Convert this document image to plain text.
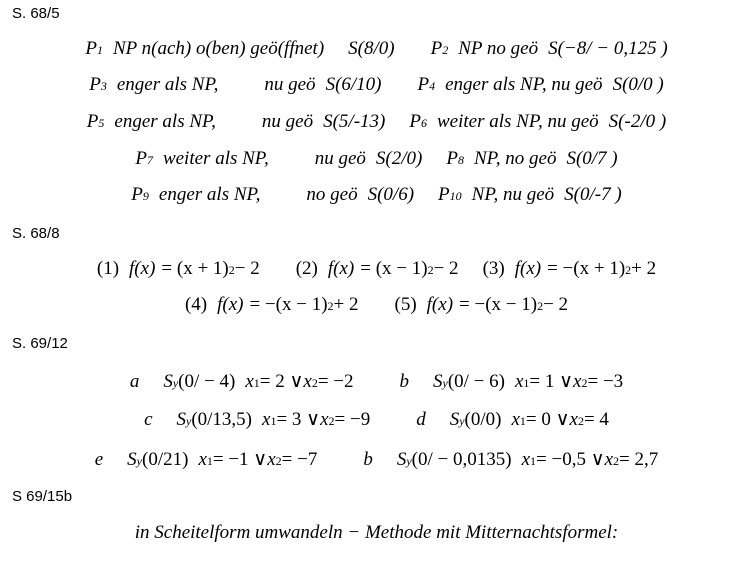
S. 68/5
P 1 NP n(ach) o(ben) geö(ffnet) S(8/0) P 2 NP no geö S(−8/ − 0,125 )
P 3 enger als NP, nu geö S(6/10) P 4 enger als NP, nu geö S(0/0 )
P 5 enger als NP, nu geö S(5/-13) P 6 weiter als NP, nu geö S(-2/0 )
P 7 weiter als NP, nu geö S(2/0) P 8 NP, no geö S(0/7 )
P 9 enger als NP, no geö S(0/6) P 10 NP, nu geö S(0/-7 )
S. 68/8
(1) f(x) = (x + 1) 2 − 2 (2) f(x) = (x − 1) 2 − 2 (3) f(x) = −(x + 1) 2 + 2
(4) f(x) = −(x − 1) 2 + 2 (5) f(x) = −(x − 1) 2 − 2
S. 69/12
a S y (0/ − 4) x 1 = 2 ∨ x 2 = −2 b S y (0/ − 6) x 1 = 1 ∨ x 2 = −3
c S y (0/13,5) x 1 = 3 ∨ x 2 = −9 d S y (0/0) x 1 = 0 ∨ x 2 = 4
e S y (0/21) x 1 = −1 ∨ x 2 = −7 b S y (0/ − 0,0135) x 1 = −0,5 ∨ x 2 = 2,7
S 69/15b
in Scheitelform umwandeln − Methode mit Mitternachtsformel:
